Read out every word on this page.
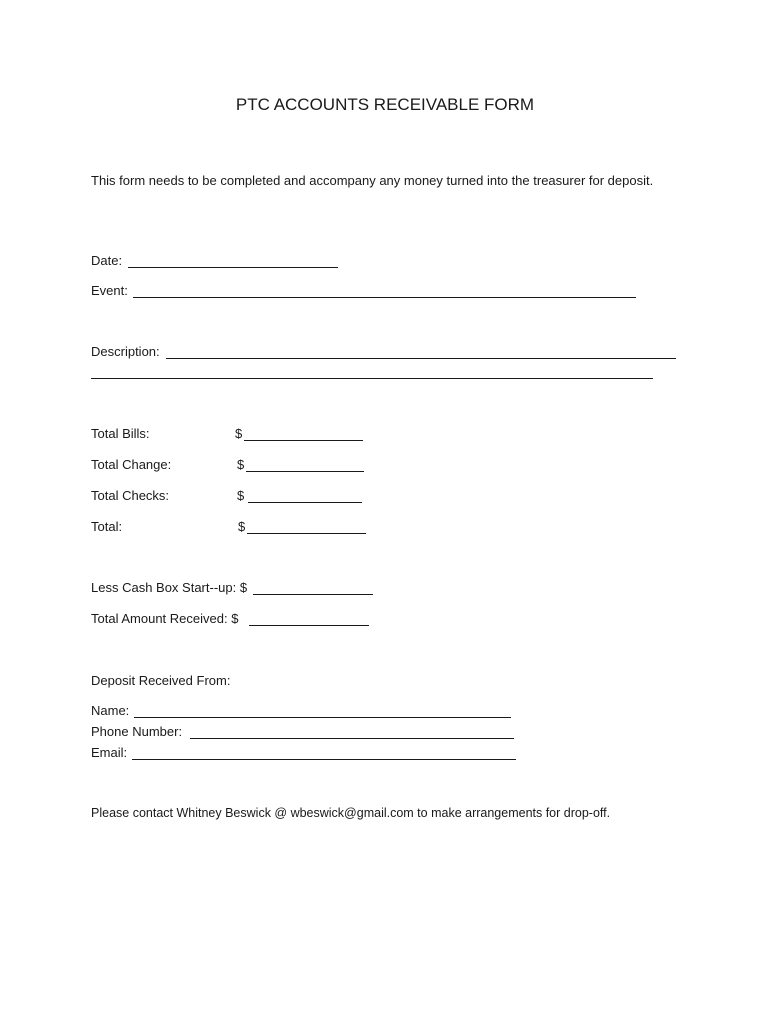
PTC ACCOUNTS RECEIVABLE FORM
This form needs to be completed and accompany any money turned into the treasurer for deposit.
Date:
Event:
Description:
Total Bills:	$
Total Change:	$
Total Checks:	$
Total:	$
Less Cash Box Start-‐up: $
Total Amount Received: $
Deposit Received From:
Name:
Phone Number:
Email:
Please contact Whitney Beswick @ wbeswick@gmail.com to make arrangements for drop-off.
